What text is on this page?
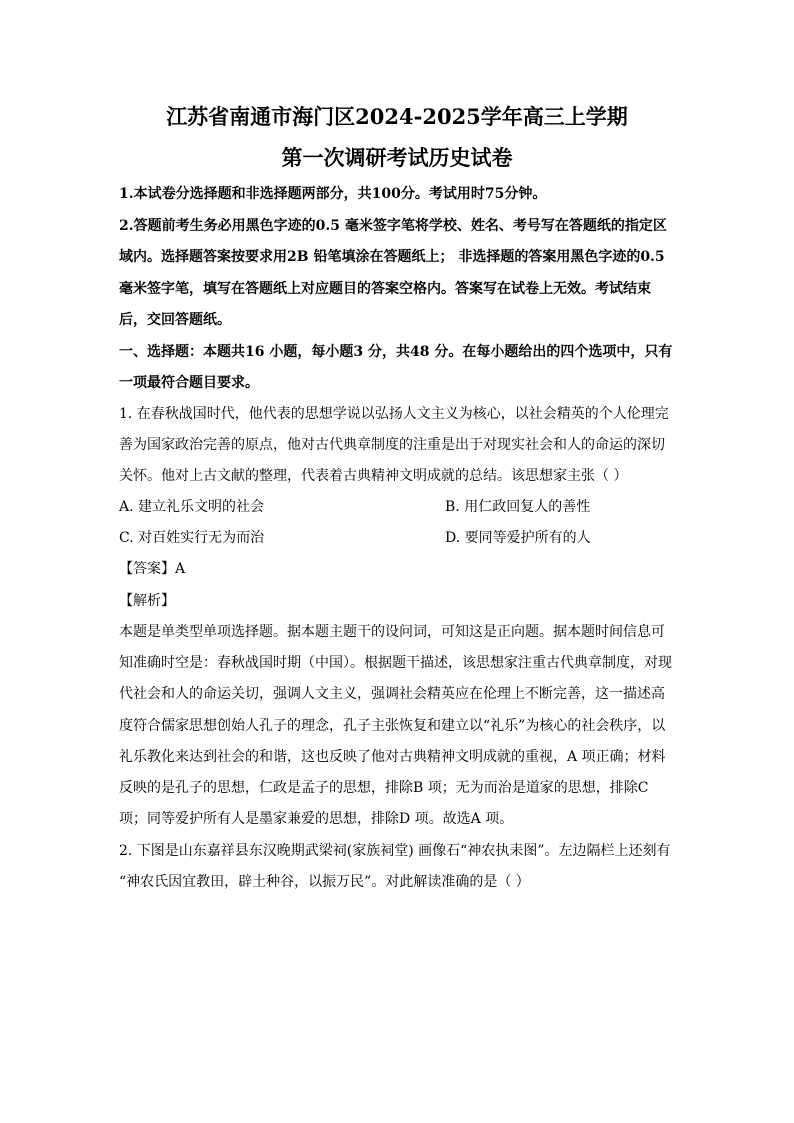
江苏省南通市海门区2024-2025学年高三上学期
第一次调研考试历史试卷
1.本试卷分选择题和非选择题两部分，共100分。考试用时75分钟。
2.答题前考生务必用黑色字迹的0.5 毫米签字笔将学校、姓名、考号写在答题纸的指定区
域内。选择题答案按要求用2B 铅笔填涂在答题纸上； 非选择题的答案用黑色字迹的0.5
毫米签字笔，填写在答题纸上对应题目的答案空格内。答案写在试卷上无效。考试结束
后，交回答题纸。
一、选择题：本题共16 小题，每小题3 分，共48 分。在每小题给出的四个选项中，只有
一项最符合题目要求。
1. 在春秋战国时代，他代表的思想学说以弘扬人文主义为核心，以社会精英的个人伦理完
善为国家政治完善的原点，他对古代典章制度的注重是出于对现实社会和人的命运的深切
关怀。他对上古文献的整理，代表着古典精神文明成就的总结。该思想家主张（ ）
A. 建立礼乐文明的社会	B. 用仁政回复人的善性
C. 对百姓实行无为而治	D. 要同等爱护所有的人
【答案】A
【解析】
本题是单类型单项选择题。据本题主题干的设问词，可知这是正向题。据本题时间信息可
知准确时空是：春秋战国时期（中国）。根据题干描述，该思想家注重古代典章制度，对现
代社会和人的命运关切，强调人文主义，强调社会精英应在伦理上不断完善，这一描述高
度符合儒家思想创始人孔子的理念，孔子主张恢复和建立以“礼乐”为核心的社会秩序，以
礼乐教化来达到社会的和谐，这也反映了他对古典精神文明成就的重视，A 项正确；材料
反映的是孔子的思想，仁政是孟子的思想，排除B 项；无为而治是道家的思想，排除C
项；同等爱护所有人是墨家兼爱的思想，排除D 项。故选A 项。
2. 下图是山东嘉祥县东汉晚期武梁祠(家族祠堂) 画像石“神农执耒图”。左边隔栏上还刻有
“神农氏因宜教田，辟土种谷，以振万民”。对此解读准确的是（ ）
